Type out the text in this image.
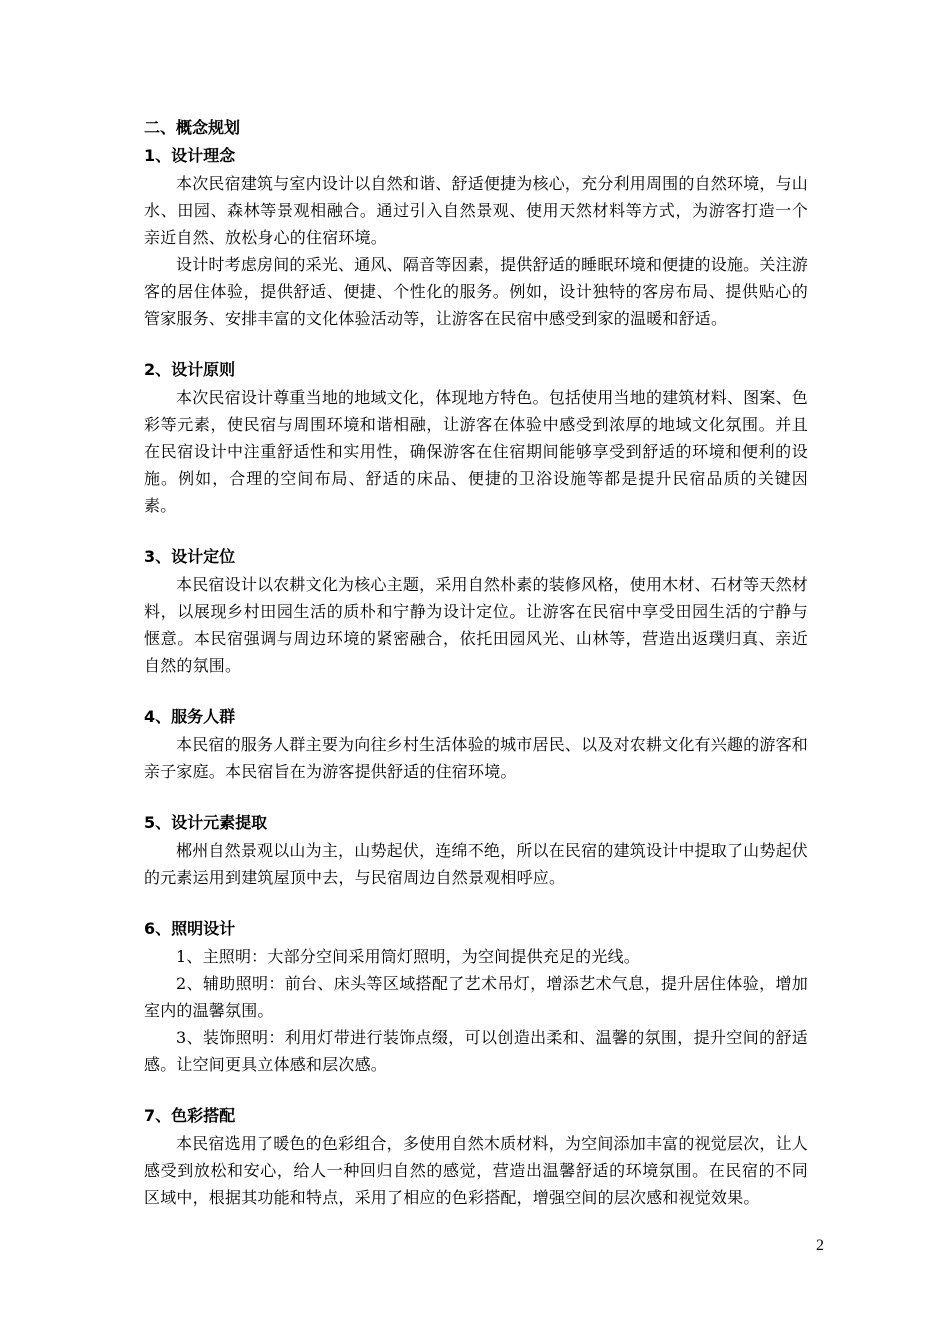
二、概念规划
1、设计理念

本次民宿建筑与室内设计以自然和谐、舒适便捷为核心，充分利用周围的自然环境，与山水、田园、森林等景观相融合。通过引入自然景观、使用天然材料等方式，为游客打造一个亲近自然、放松身心的住宿环境。

设计时考虑房间的采光、通风、隔音等因素，提供舒适的睡眠环境和便捷的设施。关注游客的居住体验，提供舒适、便捷、个性化的服务。例如，设计独特的客房布局、提供贴心的管家服务、安排丰富的文化体验活动等，让游客在民宿中感受到家的温暖和舒适。

2、设计原则

本次民宿设计尊重当地的地域文化，体现地方特色。包括使用当地的建筑材料、图案、色彩等元素，使民宿与周围环境和谐相融，让游客在体验中感受到浓厚的地域文化氛围。并且在民宿设计中注重舒适性和实用性，确保游客在住宿期间能够享受到舒适的环境和便利的设施。例如，合理的空间布局、舒适的床品、便捷的卫浴设施等都是提升民宿品质的关键因素。

3、设计定位

本民宿设计以农耕文化为核心主题，采用自然朴素的装修风格，使用木材、石材等天然材料，以展现乡村田园生活的质朴和宁静为设计定位。让游客在民宿中享受田园生活的宁静与惬意。本民宿强调与周边环境的紧密融合，依托田园风光、山林等，营造出返璞归真、亲近自然的氛围。

4、服务人群

本民宿的服务人群主要为向往乡村生活体验的城市居民、以及对农耕文化有兴趣的游客和亲子家庭。本民宿旨在为游客提供舒适的住宿环境。

5、设计元素提取

郴州自然景观以山为主，山势起伏，连绵不绝，所以在民宿的建筑设计中提取了山势起伏的元素运用到建筑屋顶中去，与民宿周边自然景观相呼应。

6、照明设计

1、主照明：大部分空间采用筒灯照明，为空间提供充足的光线。

2、辅助照明：前台、床头等区域搭配了艺术吊灯，增添艺术气息，提升居住体验，增加室内的温馨氛围。

3、装饰照明：利用灯带进行装饰点缀，可以创造出柔和、温馨的氛围，提升空间的舒适感。让空间更具立体感和层次感。

7、色彩搭配

本民宿选用了暖色的色彩组合，多使用自然木质材料，为空间添加丰富的视觉层次，让人感受到放松和安心，给人一种回归自然的感觉，营造出温馨舒适的环境氛围。在民宿的不同区域中，根据其功能和特点，采用了相应的色彩搭配，增强空间的层次感和视觉效果。

2
